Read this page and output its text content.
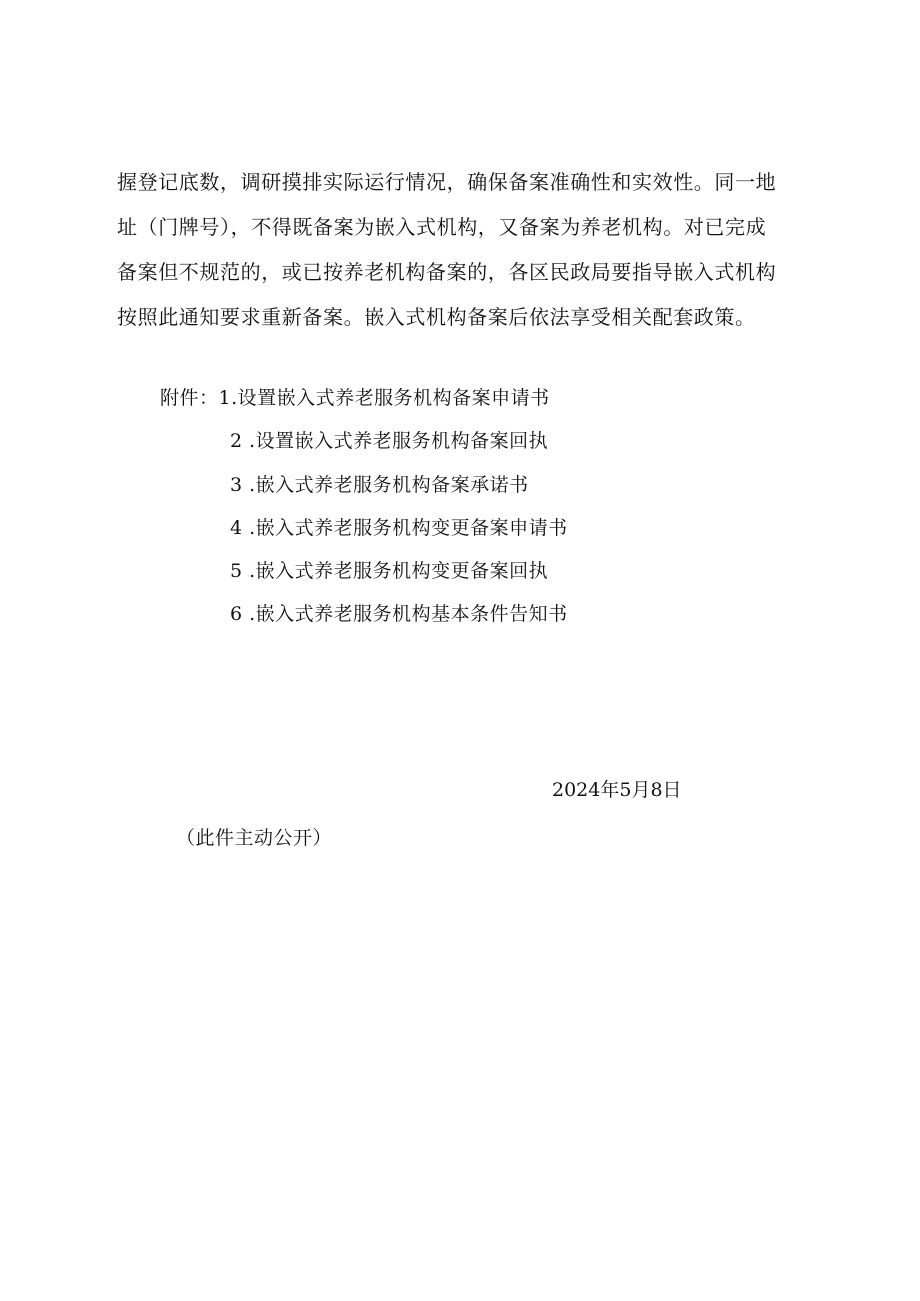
握登记底数，调研摸排实际运行情况，确保备案准确性和实效性。同一地
址（门牌号），不得既备案为嵌入式机构，又备案为养老机构。对已完成
备案但不规范的，或已按养老机构备案的，各区民政局要指导嵌入式机构
按照此通知要求重新备案。嵌入式机构备案后依法享受相关配套政策。
附件：1.设置嵌入式养老服务机构备案申请书
2 .设置嵌入式养老服务机构备案回执
3 .嵌入式养老服务机构备案承诺书
4 .嵌入式养老服务机构变更备案申请书
5 .嵌入式养老服务机构变更备案回执
6 .嵌入式养老服务机构基本条件告知书
2024年5月8日
（此件主动公开）
